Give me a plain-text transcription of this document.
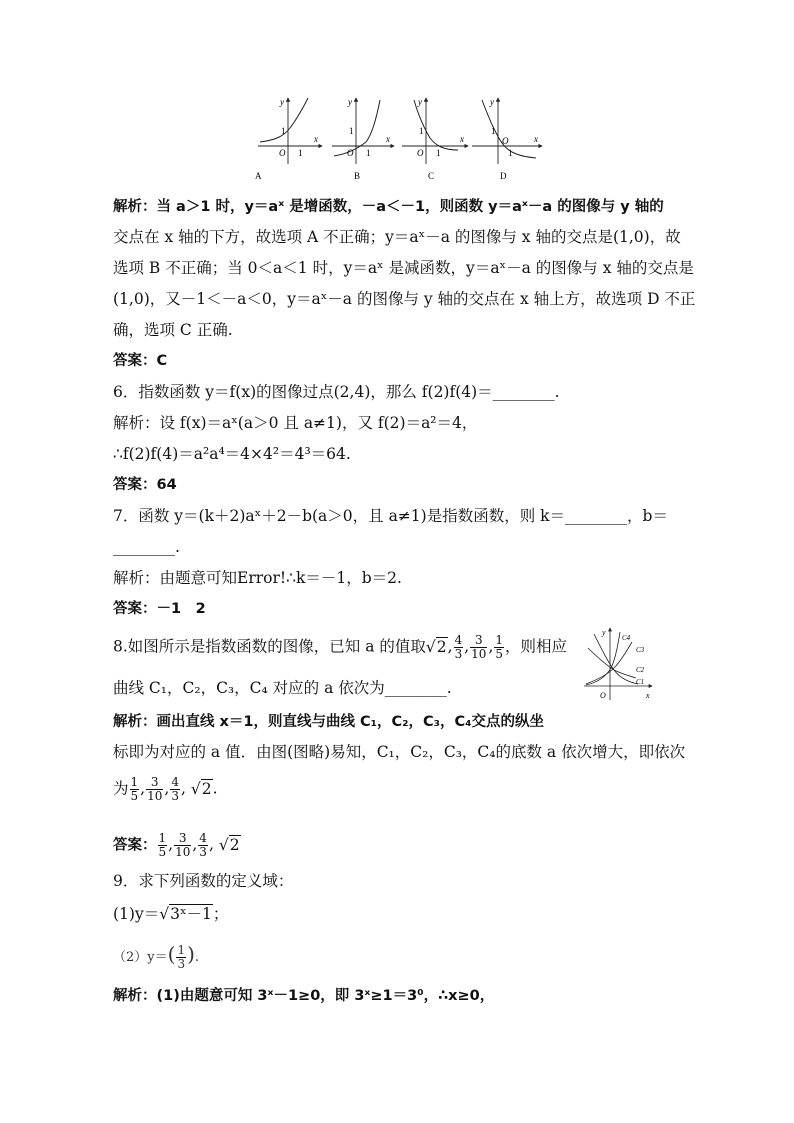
y
x
1
O 1
A
y
x
1
O 1
B
y
x
1
O 1
C
y
x
1
O
1
D
解析：当 a＞1 时，y＝aˣ 是增函数，－a＜－1，则函数 y＝aˣ－a 的图像与 y 轴的
交点在 x 轴的下方，故选项 A 不正确；y＝aˣ－a 的图像与 x 轴的交点是(1,0)，故
选项 B 不正确；当 0＜a＜1 时，y＝aˣ 是减函数，y＝aˣ－a 的图像与 x 轴的交点是
(1,0)，又－1＜－a＜0，y＝aˣ－a 的图像与 y 轴的交点在 x 轴上方，故选项 D 不正
确，选项 C 正确.
答案：C
6．指数函数 y＝f(x)的图像过点(2,4)，那么 f(2)f(4)＝________.
解析：设 f(x)＝aˣ(a＞0 且 a≠1)，又 f(2)＝a²＝4，
∴f(2)f(4)＝a²a⁴＝4×4²＝4³＝64.
答案：64
7．函数 y＝(k＋2)aˣ＋2－b(a＞0，且 a≠1)是指数函数，则 k＝________，b＝
________.
解析：由题意可知Error!∴k＝－1，b＝2.
答案：－1　2
8.如图所示是指数函数的图像，已知 a 的值取√2, $\frac{4}{3}$ , $\frac{3}{10}$ , $\frac{1}{5}$ ，则相应
曲线 C₁，C₂，C₃，C₄ 对应的 a 依次为________.
y
C4
C3
C2
C1
O	x
解析：画出直线 x＝1，则直线与曲线 C₁，C₂，C₃，C₄交点的纵坐
标即为对应的 a 值．由图(图略)易知，C₁，C₂，C₃，C₄的底数 a 依次增大，即依次
为 $\frac{1}{5}$ , $\frac{3}{10}$ , $\frac{4}{3}$ , √2.
答案： $\frac{1}{5}$ , $\frac{3}{10}$ , $\frac{4}{3}$ , √2
9．求下列函数的定义域：
(1)y＝√3ˣ－1；
$(2)y=( \frac{1}{3}$ ).
解析：(1)由题意可知 3ˣ－1≥0，即 3ˣ≥1＝3⁰，∴x≥0，
